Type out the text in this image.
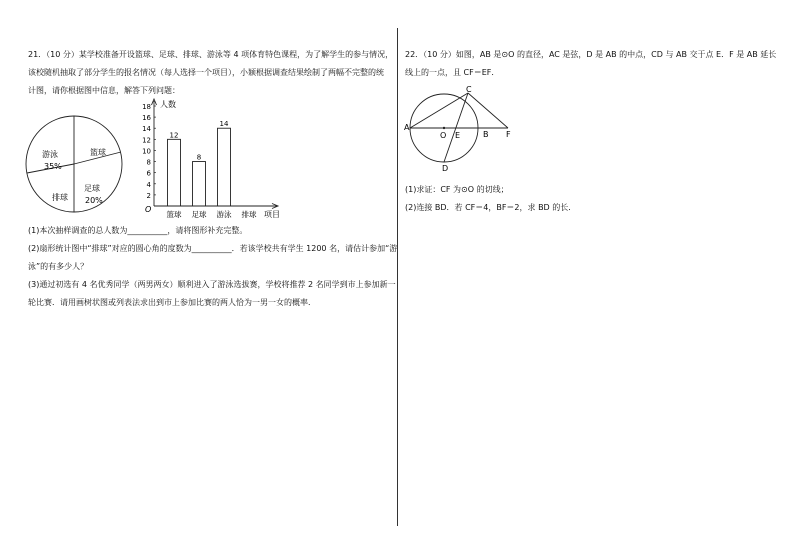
21．（10 分）某学校准备开设篮球、足球、排球、游泳等 4 项体育特色课程，为了解学生的参与情况，
该校随机抽取了部分学生的报名情况（每人选择一个项目），小颖根据调查结果绘制了两幅不完整的统
计图，请你根据图中信息，解答下列问题：
篮球
游泳
35%
足球
20%
排球
人数
项目
O
18
16
14
12
10
8
6
4
2
12
篮球
8
足球
14
游泳 排球
(1)本次抽样调查的总人数为__________，请将图形补充完整。
(2)扇形统计图中“排球”对应的圆心角的度数为__________．若该学校共有学生 1200 名，请估计参加“游
泳”的有多少人？
(3)通过初选有 4 名优秀同学（两男两女）顺利进入了游泳选拔赛，学校将推荐 2 名同学到市上参加新一
轮比赛．请用画树状图或列表法求出到市上参加比赛的两人恰为一男一女的概率．
22．（10 分）如图，AB 是⊙O 的直径，AC 是弦，D 是 AB 的中点，CD 与 AB 交于点 E．F 是 AB 延长
线上的一点，且 CF＝EF．
A
C
O E	B F
D
(1)求证：CF 为⊙O 的切线；
(2)连接 BD．若 CF＝4，BF＝2，求 BD 的长．
